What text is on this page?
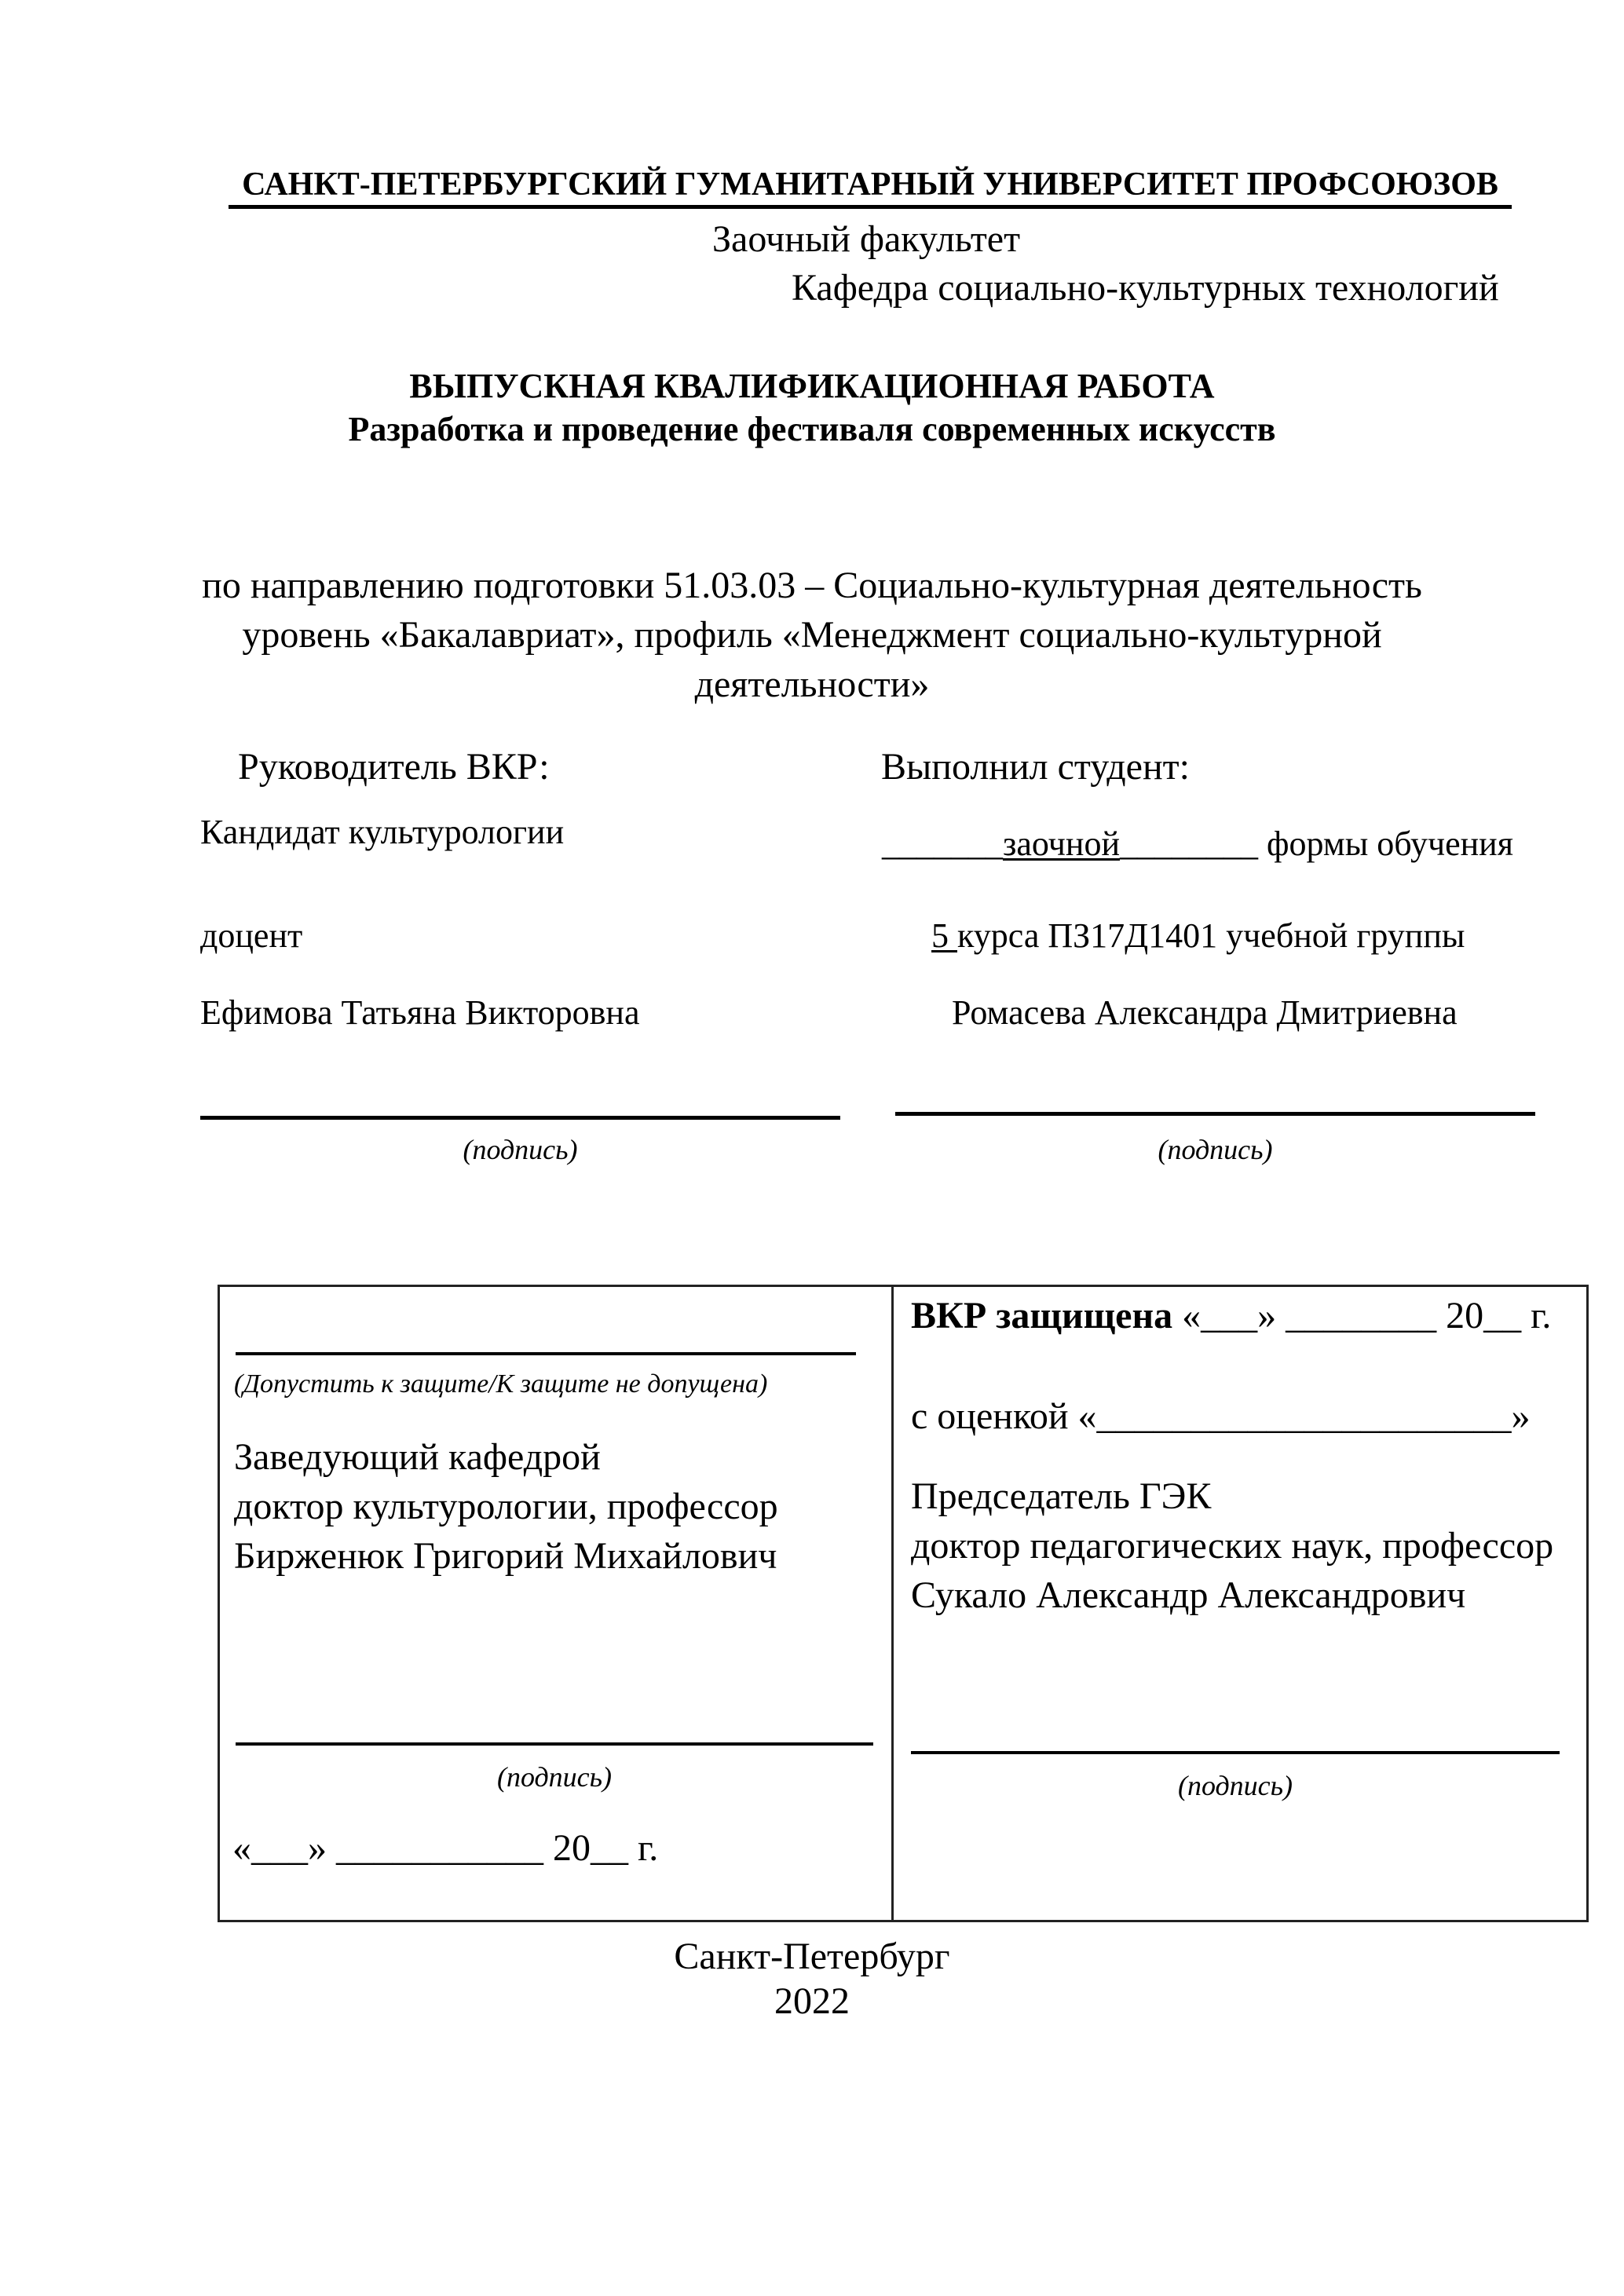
САНКТ-ПЕТЕРБУРГСКИЙ ГУМАНИТАРНЫЙ УНИВЕРСИТЕТ ПРОФСОЮЗОВ
Заочный факультет
Кафедра социально-культурных технологий
ВЫПУСКНАЯ КВАЛИФИКАЦИОННАЯ РАБОТА
Разработка и проведение фестиваля современных искусств
по направлению подготовки 51.03.03 – Социально-культурная деятельность
уровень «Бакалавриат», профиль «Менеджмент социально-культурной
деятельности»
Руководитель ВКР:
Кандидат культурологии
доцент
Ефимова Татьяна Викторовна
(подпись)
Выполнил студент:
_______заочной________ формы обучения
5 курса ПЗ17Д1401 учебной группы
Ромасева Александра Дмитриевна
(подпись)
(Допустить к защите/К защите не допущена)
Заведующий кафедрой
доктор культурологии, профессор
Бирженюк Григорий Михайлович
(подпись)
«___» ___________ 20__ г.
ВКР защищена «___» ________ 20__ г.
с оценкой «______________________»
Председатель ГЭК
доктор педагогических наук, профессор
Сукало Александр Александрович
(подпись)
Санкт-Петербург
2022
